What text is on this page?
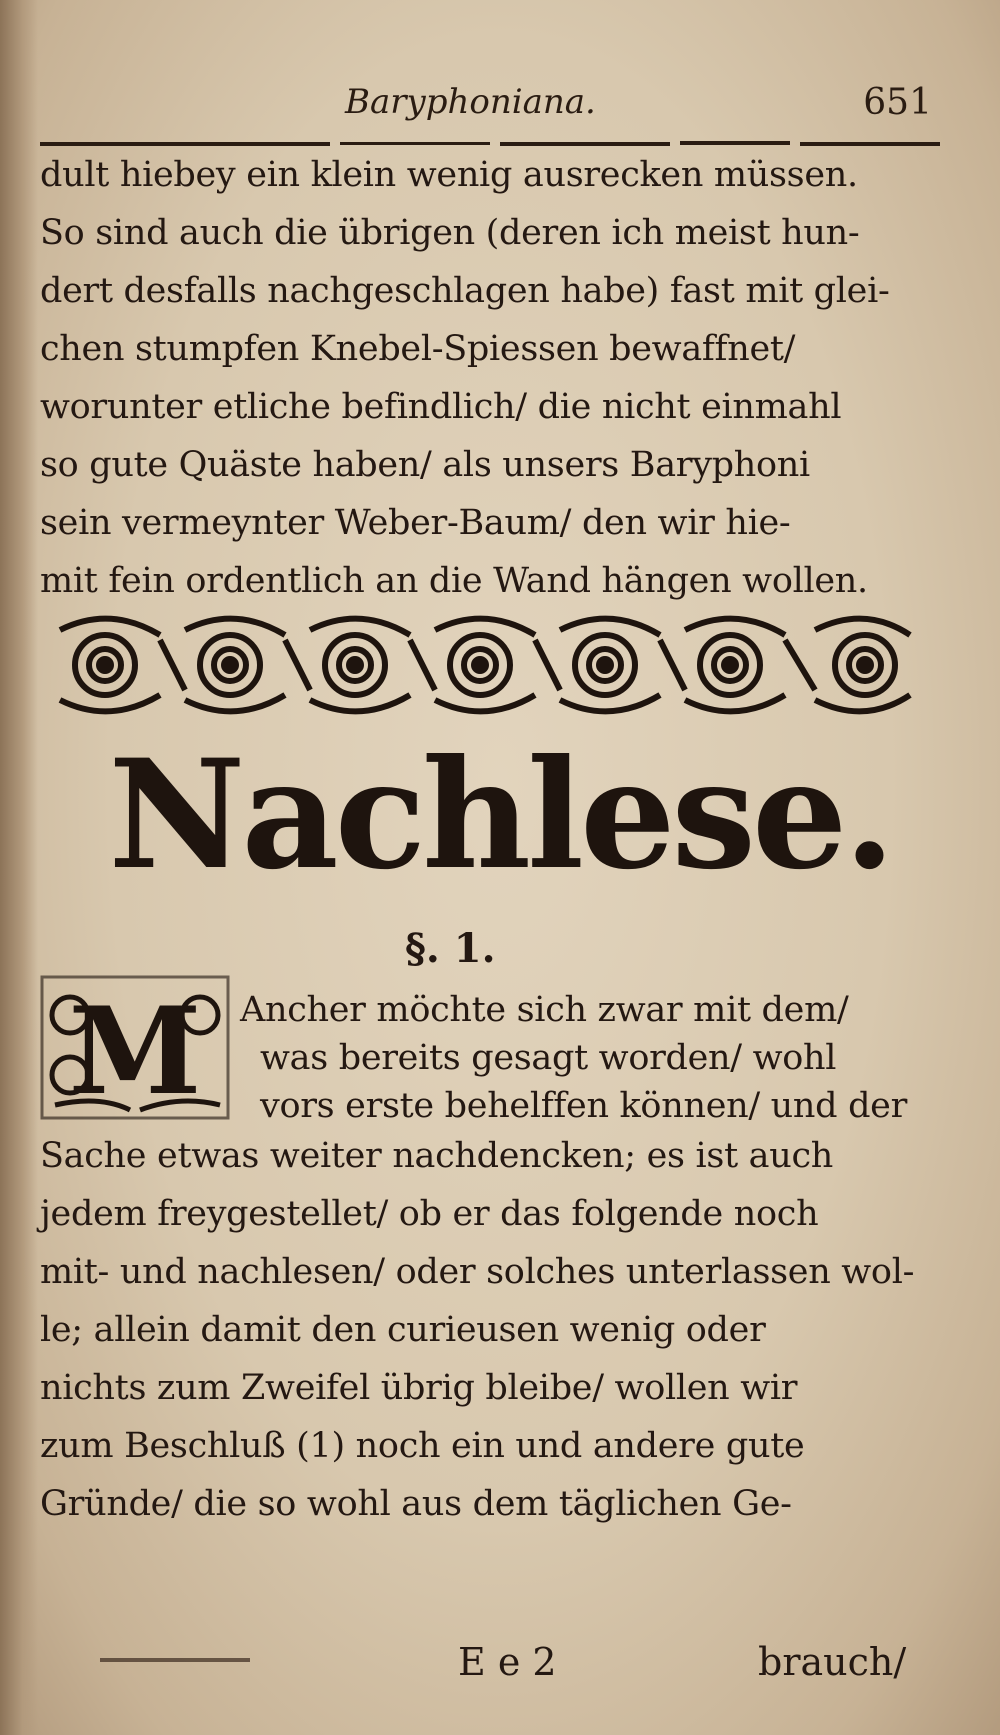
Baryphoniana.	651
dult hiebey ein klein wenig ausrecken müssen.
So sind auch die übrigen (deren ich meist hun-
dert desfalls nachgeschlagen habe) fast mit glei-
chen stumpfen Knebel-Spiessen bewaffnet/
worunter etliche befindlich/ die nicht einmahl
so gute Quäste haben/ als unsers Baryphoni
sein vermeynter Weber-Baum/ den wir hie-
mit fein ordentlich an die Wand hängen wollen.
Nachlese.
§. 1.
M Ancher möchte sich zwar mit dem/
was bereits gesagt worden/ wohl
vors erste behelffen können/ und der
Sache etwas weiter nachdencken; es ist auch
jedem freygestellet/ ob er das folgende noch
mit- und nachlesen/ oder solches unterlassen wol-
le; allein damit den curieusen wenig oder
nichts zum Zweifel übrig bleibe/ wollen wir
zum Beschluß (1) noch ein und andere gute
Gründe/ die so wohl aus dem täglichen Ge-
E e 2	brauch/
